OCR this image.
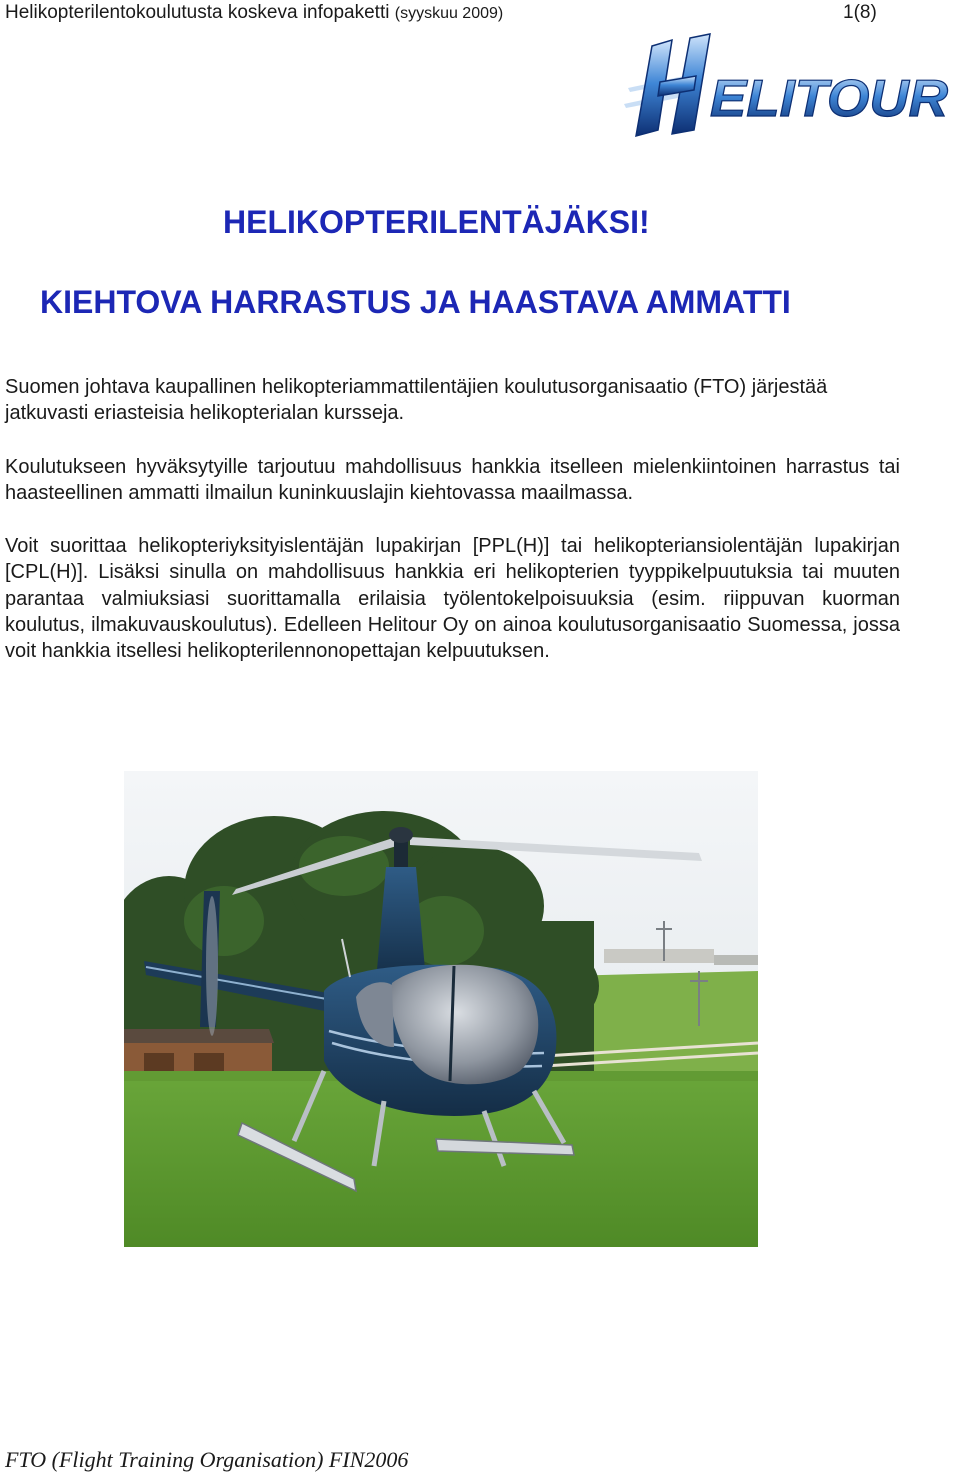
Helikopterilentokoulutusta koskeva infopaketti (syyskuu 2009)	1(8)
ELITOUR
HELIKOPTERILENTÄJÄKSI!
KIEHTOVA HARRASTUS JA HAASTAVA AMMATTI

Suomen johtava kaupallinen helikopteriammattilentäjien koulutusorganisaatio (FTO) järjestää jatkuvasti eriasteisia helikopterialan kursseja.

Koulutukseen hyväksytyille tarjoutuu mahdollisuus hankkia itselleen mielenkiintoinen harrastus tai haasteellinen ammatti ilmailun kuninkuuslajin kiehtovassa maailmassa.

Voit suorittaa helikopteriyksityislentäjän lupakirjan [PPL(H)] tai helikopteriansiolentäjän lupakirjan [CPL(H)]. Lisäksi sinulla on mahdollisuus hankkia eri helikopterien tyyppikelpuutuksia tai muuten parantaa valmiuksiasi suorittamalla erilaisia työlentokelpoisuuksia (esim. riippuvan kuorman koulutus, ilmakuvauskoulutus). Edelleen Helitour Oy on ainoa koulutusorganisaatio Suomessa, jossa voit hankkia itsellesi helikopterilennonopettajan kelpuutuksen.

FTO (Flight Training Organisation) FIN2006
